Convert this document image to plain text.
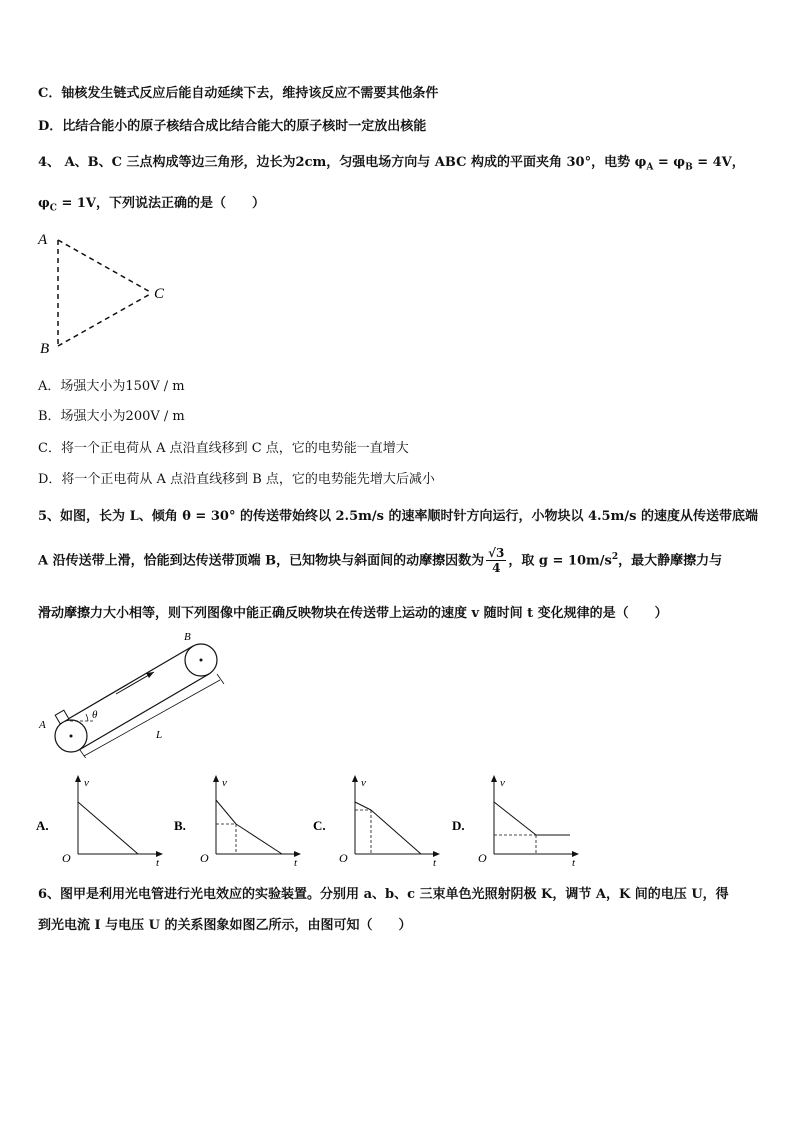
C．铀核发生链式反应后能自动延续下去，维持该反应不需要其他条件
D．比结合能小的原子核结合成比结合能大的原子核时一定放出核能
4、 A、B、C 三点构成等边三角形，边长为2cm，匀强电场方向与 ABC 构成的平面夹角 30°，电势 $\varphi_A = \varphi_B = 4V$，
$\varphi_C = 1V$，下列说法正确的是（　　）
A
B
C
A．场强大小为150V / m
B．场强大小为200V / m
C．将一个正电荷从 A 点沿直线移到 C 点，它的电势能一直增大
D．将一个正电荷从 A 点沿直线移到 B 点，它的电势能先增大后减小
5、如图，长为 L、倾角 θ = 30° 的传送带始终以 2.5m/s 的速率顺时针方向运行，小物块以 4.5m/s 的速度从传送带底端
A 沿传送带上滑，恰能到达传送带顶端 B，已知物块与斜面间的动摩擦因数为 $\frac{√3}{4}$ ，取 $g = 10m/s^2$，最大静摩擦力与
滑动摩擦力大小相等，则下列图像中能正确反映物块在传送带上运动的速度 v 随时间 t 变化规律的是（　　）
θ
L
A
B
A.
v
O	t
B.
v
O	t
C.
v
O	t
D.
v
O	t
6、图甲是利用光电管进行光电效应的实验装置。分别用 a、b、c 三束单色光照射阴极 K，调节 A，K 间的电压 U，得
到光电流 I 与电压 U 的关系图象如图乙所示，由图可知（　　）
